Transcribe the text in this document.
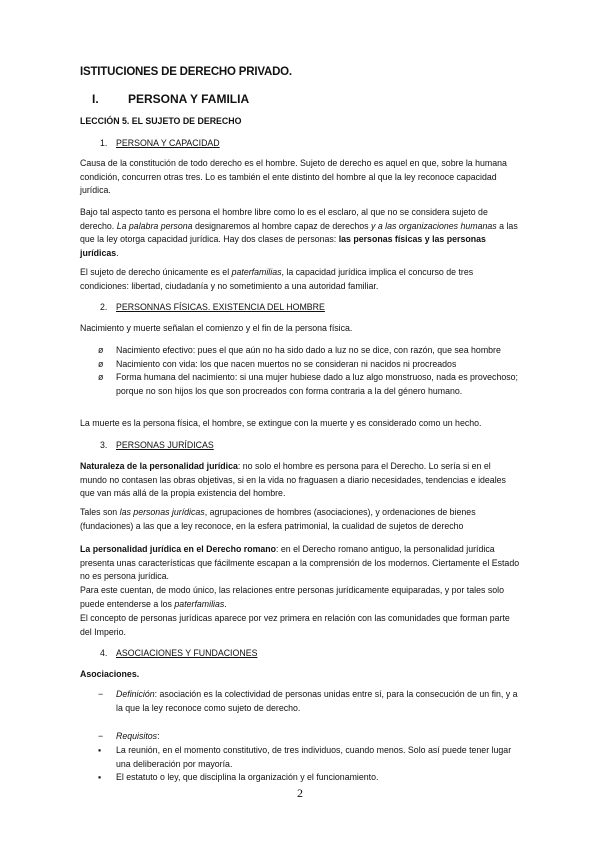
ISTITUCIONES DE DERECHO PRIVADO.
I. PERSONA Y FAMILIA
LECCIÓN 5. EL SUJETO DE DERECHO
1. PERSONA Y CAPACIDAD
Causa de la constitución de todo derecho es el hombre. Sujeto de derecho es aquel en que, sobre la humana condición, concurren otras tres. Lo es también el ente distinto del hombre al que la ley reconoce capacidad jurídica.
Bajo tal aspecto tanto es persona el hombre libre como lo es el esclaro, al que no se considera sujeto de derecho. La palabra persona designaremos al hombre capaz de derechos y a las organizaciones humanas a las que la ley otorga capacidad jurídica. Hay dos clases de personas: las personas físicas y las personas jurídicas.
El sujeto de derecho únicamente es el paterfamilias, la capacidad jurídica implica el concurso de tres condiciones: libertad, ciudadanía y no sometimiento a una autoridad familiar.
2. PERSONNAS FÍSICAS. EXISTENCIA DEL HOMBRE
Nacimiento y muerte señalan el comienzo y el fin de la persona física.
ø	Nacimiento efectivo: pues el que aún no ha sido dado a luz no se dice, con razón, que sea hombre
ø	Nacimiento con vida: los que nacen muertos no se consideran ni nacidos ni procreados
ø	Forma humana del nacimiento: si una mujer hubiese dado a luz algo monstruoso, nada es provechoso; porque no son hijos los que son procreados con forma contraria a la del género humano.
La muerte es la persona física, el hombre, se extingue con la muerte y es considerado como un hecho.
3. PERSONAS JURÍDICAS
Naturaleza de la personalidad jurídica: no solo el hombre es persona para el Derecho. Lo sería si en el mundo no contasen las obras objetivas, si en la vida no fraguasen a diario necesidades, tendencias e ideales que van más allá de la propia existencia del hombre.
Tales son las personas jurídicas, agrupaciones de hombres (asociaciones), y ordenaciones de bienes (fundaciones) a las que a ley reconoce, en la esfera patrimonial, la cualidad de sujetos de derecho
La personalidad jurídica en el Derecho romano: en el Derecho romano antiguo, la personalidad jurídica presenta unas características que fácilmente escapan a la comprensión de los modernos. Ciertamente el Estado no es persona jurídica.
Para este cuentan, de modo único, las relaciones entre personas jurídicamente equiparadas, y por tales solo puede entenderse a los paterfamilias.
El concepto de personas jurídicas aparece por vez primera en relación con las comunidades que forman parte del Imperio.
4. ASOCIACIONES Y FUNDACIONES
Asociaciones.
−	Definición: asociación es la colectividad de personas unidas entre sí, para la consecución de un fin, y a la que la ley reconoce como sujeto de derecho.
−	Requisitos:
▪	La reunión, en el momento constitutivo, de tres individuos, cuando menos. Solo así puede tener lugar una deliberación por mayoría.
▪	El estatuto o ley, que disciplina la organización y el funcionamiento.
2
